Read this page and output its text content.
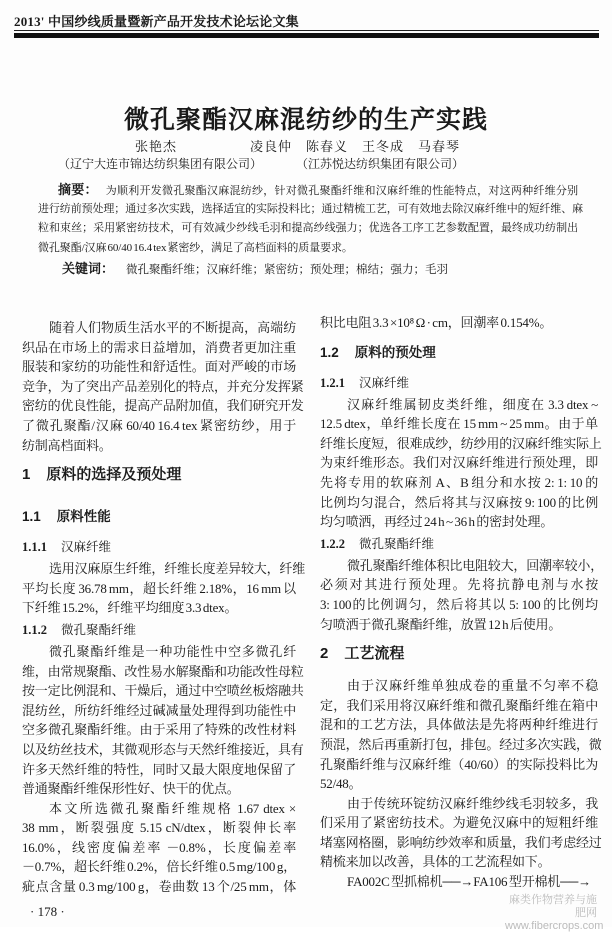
2013' 中国纱线质量暨新产品开发技术论坛论文集
微孔聚酯汉麻混纺纱的生产实践
张艳杰	凌良仲　陈春义　王冬成　马春琴
（辽宁大连市锦达纺织集团有限公司）	（江苏悦达纺织集团有限公司）
摘要： 为顺利开发微孔聚酯汉麻混纺纱，针对微孔聚酯纤维和汉麻纤维的性能特点，对这两种纤维分别
进行纺前预处理；通过多次实践，选择适宜的实际投料比；通过精梳工艺，可有效地去除汉麻纤维中的短纤维、麻
粒和束丝；采用紧密纺技术，可有效减少纱线毛羽和提高纱线强力；优选各工序工艺参数配置，最终成功纺制出
微孔聚酯/汉麻 60/40 16.4 tex 紧密纱，满足了高档面料的质量要求。
关键词： 微孔聚酯纤维；汉麻纤维；紧密纺；预处理；棉结；强力；毛羽
随着人们物质生活水平的不断提高，高端纺
织品在市场上的需求日益增加，消费者更加注重
服装和家纺的功能性和舒适性。面对严峻的市场
竞争，为了突出产品差别化的特点，并充分发挥紧
密纺的优良性能，提高产品附加值，我们研究开发
了微孔聚酯/汉麻 60/40 16.4 tex 紧密纺纱，用于
纺制高档面料。
1 原料的选择及预处理
1.1 原料性能
1.1.1 汉麻纤维
选用汉麻原生纤维，纤维长度差异较大，纤维
平均长度 36.78 mm，超长纤维 2.18%，16 mm 以
下纤维 15.2%，纤维平均细度 3.3 dtex。
1.1.2 微孔聚酯纤维
微孔聚酯纤维是一种功能性中空多微孔纤
维，由常规聚酯、改性易水解聚酯和功能改性母粒
按一定比例混和、干燥后，通过中空喷丝板熔融共
混纺丝，所纺纤维经过碱减量处理得到功能性中
空多微孔聚酯纤维。由于采用了特殊的改性材料
以及纺丝技术，其微观形态与天然纤维接近，具有
许多天然纤维的特性，同时又最大限度地保留了
普通聚酯纤维保形性好、快干的优点。
本文所选微孔聚酯纤维规格 1.67 dtex ×
38 mm，断裂强度 5.15 cN/dtex，断裂伸长率
16.0%，线密度偏差率 －0.8%，长度偏差率
－0.7%，超长纤维 0.2%，倍长纤维 0.5 mg/100 g，
疵点含量 0.3 mg/100 g，卷曲数 13 个/25 mm，体
积比电阻 3.3 ×10⁸ Ω · cm，回潮率 0.154%。
1.2 原料的预处理
1.2.1 汉麻纤维
汉麻纤维属韧皮类纤维，细度在 3.3 dtex ~
12.5 dtex，单纤维长度在 15 mm ~ 25 mm。由于单
纤维长度短，很难成纱，纺纱用的汉麻纤维实际上
为束纤维形态。我们对汉麻纤维进行预处理，即
先将专用的软麻剂 A、B 组分和水按 2: 1: 10 的
比例均匀混合，然后将其与汉麻按 9: 100 的比例
均匀喷洒，再经过 24 h ~ 36 h 的密封处理。
1.2.2 微孔聚酯纤维
微孔聚酯纤维体积比电阻较大，回潮率较小，
必须对其进行预处理。先将抗静电剂与水按
3: 100的比例调匀，然后将其以 5: 100 的比例均
匀喷洒于微孔聚酯纤维，放置 12 h 后使用。
2 工艺流程
由于汉麻纤维单独成卷的重量不匀率不稳
定，我们采用将汉麻纤维和微孔聚酯纤维在箱中
混和的工艺方法，具体做法是先将两种纤维进行
预混，然后再重新打包，排包。经过多次实践，微
孔聚酯纤维与汉麻纤维（40/60）的实际投料比为
52/48。
由于传统环锭纺汉麻纤维纱线毛羽较多，我
们采用了紧密纺技术。为避免汉麻中的短粗纤维
堵塞网格圈，影响纺纱效率和质量，我们考虑经过
精梳来加以改善，具体的工艺流程如下。
FA002C 型抓棉机──→FA106 型开棉机──→
· 178 ·
麻类作物营养与施肥网
www.fibercrops.com
